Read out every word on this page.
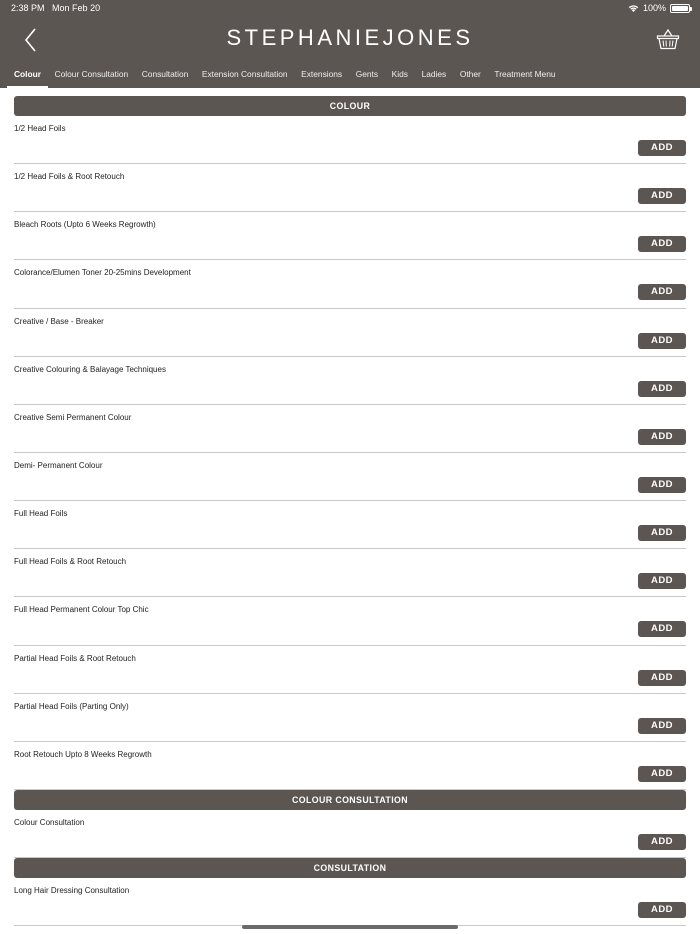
2:38 PM Mon Feb 20	100%
STEPHANIEJONES
Colour	Colour Consultation Consultation Extension Consultation Extensions Gents Kids Ladies Other Treatment Menu
COLOUR
1/2 Head Foils
ADD
1/2 Head Foils & Root Retouch
ADD
Bleach Roots (Upto 6 Weeks Regrowth)
ADD
Colorance/Elumen Toner 20-25mins Development
ADD
Creative / Base - Breaker
ADD
Creative Colouring & Balayage Techniques
ADD
Creative Semi Permanent Colour
ADD
Demi- Permanent Colour
ADD
Full Head Foils
ADD
Full Head Foils & Root Retouch
ADD
Full Head Permanent Colour Top Chic
ADD
Partial Head Foils & Root Retouch
ADD
Partial Head Foils (Parting Only)
ADD
Root Retouch Upto 8 Weeks Regrowth
ADD
COLOUR CONSULTATION
Colour Consultation
ADD
CONSULTATION
Long Hair Dressing Consultation
ADD
